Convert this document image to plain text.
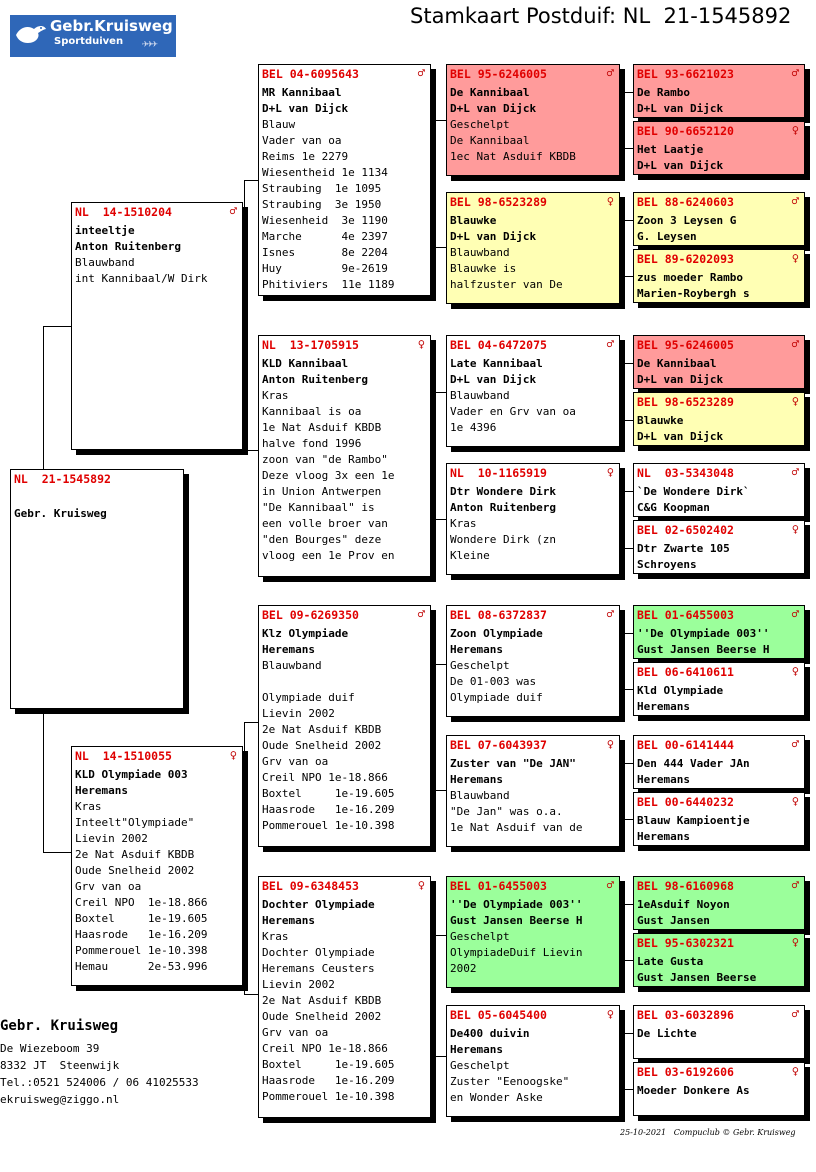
Gebr.Kruisweg
Sportduiven ✈✈✈
Stamkaart Postduif: NL  21-1545892
NL  21-1545892
Gebr. Kruisweg
NL  14-1510204	♂
inteeltje
Anton Ruitenberg
Blauwband
int Kannibaal/W Dirk
NL  14-1510055	♀
KLD Olympiade 003
Heremans
Kras
Inteelt"Olympiade"
Lievin 2002
2e Nat Asduif KBDB
Oude Snelheid 2002
Grv van oa
Creil NPO  1e-18.866
Boxtel     1e-19.605
Haasrode   1e-16.209
Pommerouel 1e-10.398
Hemau      2e-53.996
BEL 04-6095643	♂
MR Kannibaal
D+L van Dijck
Blauw
Vader van oa
Reims 1e 2279
Wiesentheid 1e 1134
Straubing  1e 1095
Straubing  3e 1950
Wiesenheid  3e 1190
Marche      4e 2397
Isnes       8e 2204
Huy         9e-2619
Phitiviers  11e 1189
NL  13-1705915	♀
KLD Kannibaal
Anton Ruitenberg
Kras
Kannibaal is oa
1e Nat Asduif KBDB
halve fond 1996
zoon van "de Rambo"
Deze vloog 3x een 1e
in Union Antwerpen
"De Kannibaal" is
een volle broer van
"den Bourges" deze
vloog een 1e Prov en
BEL 09-6269350	♂
Klz Olympiade
Heremans
Blauwband
Olympiade duif
Lievin 2002
2e Nat Asduif KBDB
Oude Snelheid 2002
Grv van oa
Creil NPO 1e-18.866
Boxtel     1e-19.605
Haasrode   1e-16.209
Pommerouel 1e-10.398
BEL 09-6348453	♀
Dochter Olympiade
Heremans
Kras
Dochter Olympiade
Heremans Ceusters
Lievin 2002
2e Nat Asduif KBDB
Oude Snelheid 2002
Grv van oa
Creil NPO 1e-18.866
Boxtel     1e-19.605
Haasrode   1e-16.209
Pommerouel 1e-10.398
BEL 95-6246005	♂
De Kannibaal
D+L van Dijck
Geschelpt
De Kannibaal
1ec Nat Asduif KBDB
BEL 98-6523289	♀
Blauwke
D+L van Dijck
Blauwband
Blauwke is
halfzuster van De
BEL 04-6472075	♂
Late Kannibaal
D+L van Dijck
Blauwband
Vader en Grv van oa
1e 4396
NL  10-1165919	♀
Dtr Wondere Dirk
Anton Ruitenberg
Kras
Wondere Dirk (zn
Kleine
BEL 08-6372837	♂
Zoon Olympiade
Heremans
Geschelpt
De 01-003 was
Olympiade duif
BEL 07-6043937	♀
Zuster van "De JAN"
Heremans
Blauwband
"De Jan" was o.a.
1e Nat Asduif van de
BEL 01-6455003	♂
''De Olympiade 003''
Gust Jansen Beerse H
Geschelpt
OlympiadeDuif Lievin
2002
BEL 05-6045400	♀
De400 duivin
Heremans
Geschelpt
Zuster "Eenoogske"
en Wonder Aske
BEL 93-6621023	♂
De Rambo
D+L van Dijck
BEL 90-6652120	♀
Het Laatje
D+L van Dijck
BEL 88-6240603	♂
Zoon 3 Leysen G
G. Leysen
BEL 89-6202093	♀
zus moeder Rambo
Marien-Roybergh s
BEL 95-6246005	♂
De Kannibaal
D+L van Dijck
BEL 98-6523289	♀
Blauwke
D+L van Dijck
NL  03-5343048	♂
`De Wondere Dirk`
C&G Koopman
BEL 02-6502402	♀
Dtr Zwarte 105
Schroyens
BEL 01-6455003	♂
''De Olympiade 003''
Gust Jansen Beerse H
BEL 06-6410611	♀
Kld Olympiade
Heremans
BEL 00-6141444	♂
Den 444 Vader JAn
Heremans
BEL 00-6440232	♀
Blauw Kampioentje
Heremans
BEL 98-6160968	♂
1eAsduif Noyon
Gust Jansen
BEL 95-6302321	♀
Late Gusta
Gust Jansen Beerse
BEL 03-6032896	♂
De Lichte
BEL 03-6192606	♀
Moeder Donkere As
Gebr. Kruisweg
De Wiezeboom 39
8332 JT  Steenwijk
Tel.:0521 524006 / 06 41025533
ekruisweg@ziggo.nl
25-10-2021   Compuclub © Gebr. Kruisweg
